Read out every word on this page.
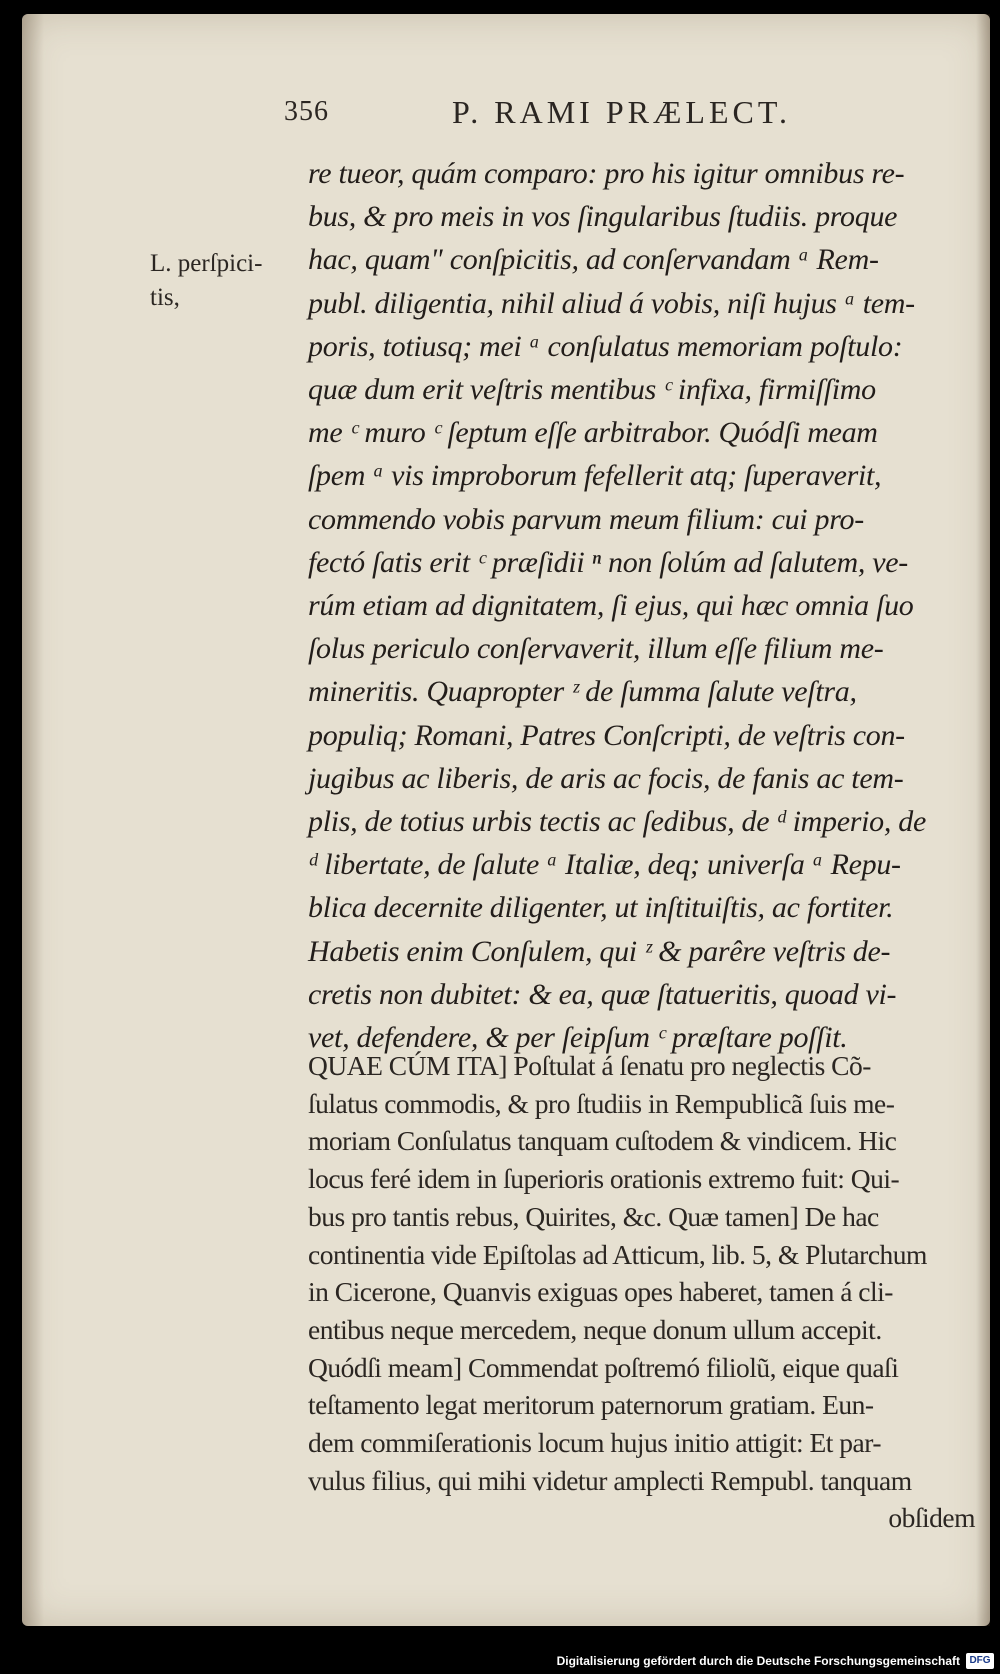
356	P. RAMI PRÆLECT.
L. perſpici-
tis,
re tueor, quám comparo: pro his igitur omnibus re-
bus, & pro meis in vos ſingularibus ſtudiis. proque
hac, quam" conſpicitis, ad conſervandam ᵃ Rem-
publ. diligentia, nihil aliud á vobis, niſi hujus ᵃ tem-
poris, totiusq; mei ᵃ conſulatus memoriam poſtulo:
quæ dum erit veſtris mentibus ᶜ infixa, firmiſſimo
me ᶜ muro ᶜ ſeptum eſſe arbitrabor. Quódſi meam
ſpem ᵃ vis improborum fefellerit atq; ſuperaverit,
commendo vobis parvum meum filium: cui pro-
fectó ſatis erit ᶜ præſidii ⁿ non ſolúm ad ſalutem, ve-
rúm etiam ad dignitatem, ſi ejus, qui hæc omnia ſuo
ſolus periculo conſervaverit, illum eſſe filium me-
mineritis. Quapropter ᶻ de ſumma ſalute veſtra,
populiq; Romani, Patres Conſcripti, de veſtris con-
jugibus ac liberis, de aris ac focis, de fanis ac tem-
plis, de totius urbis tectis ac ſedibus, de ᵈ imperio, de
ᵈ libertate, de ſalute ᵃ Italiæ, deq; univerſa ᵃ Repu-
blica decernite diligenter, ut inſtituiſtis, ac fortiter.
Habetis enim Conſulem, qui ᶻ & parêre veſtris de-
cretis non dubitet: & ea, quæ ſtatueritis, quoad vi-
vet, defendere, & per ſeipſum ᶜ præſtare poſſit.
QUAE CÚM ITA] Poſtulat á ſenatu pro neglectis Cõ-
ſulatus commodis, & pro ſtudiis in Rempublicã ſuis me-
moriam Conſulatus tanquam cuſtodem & vindicem. Hic
locus feré idem in ſuperioris orationis extremo fuit: Qui-
bus pro tantis rebus, Quirites, &c. Quæ tamen] De hac
continentia vide Epiſtolas ad Atticum, lib. 5, & Plutarchum
in Cicerone, Quanvis exiguas opes haberet, tamen á cli-
entibus neque mercedem, neque donum ullum accepit.
Quódſi meam] Commendat poſtremó filiolũ, eique quaſi
teſtamento legat meritorum paternorum gratiam. Eun-
dem commiſerationis locum hujus initio attigit: Et par-
vulus filius, qui mihi videtur amplecti Rempubl. tanquam
obſidem
Digitalisierung gefördert durch die Deutsche Forschungsgemeinschaft DFG
